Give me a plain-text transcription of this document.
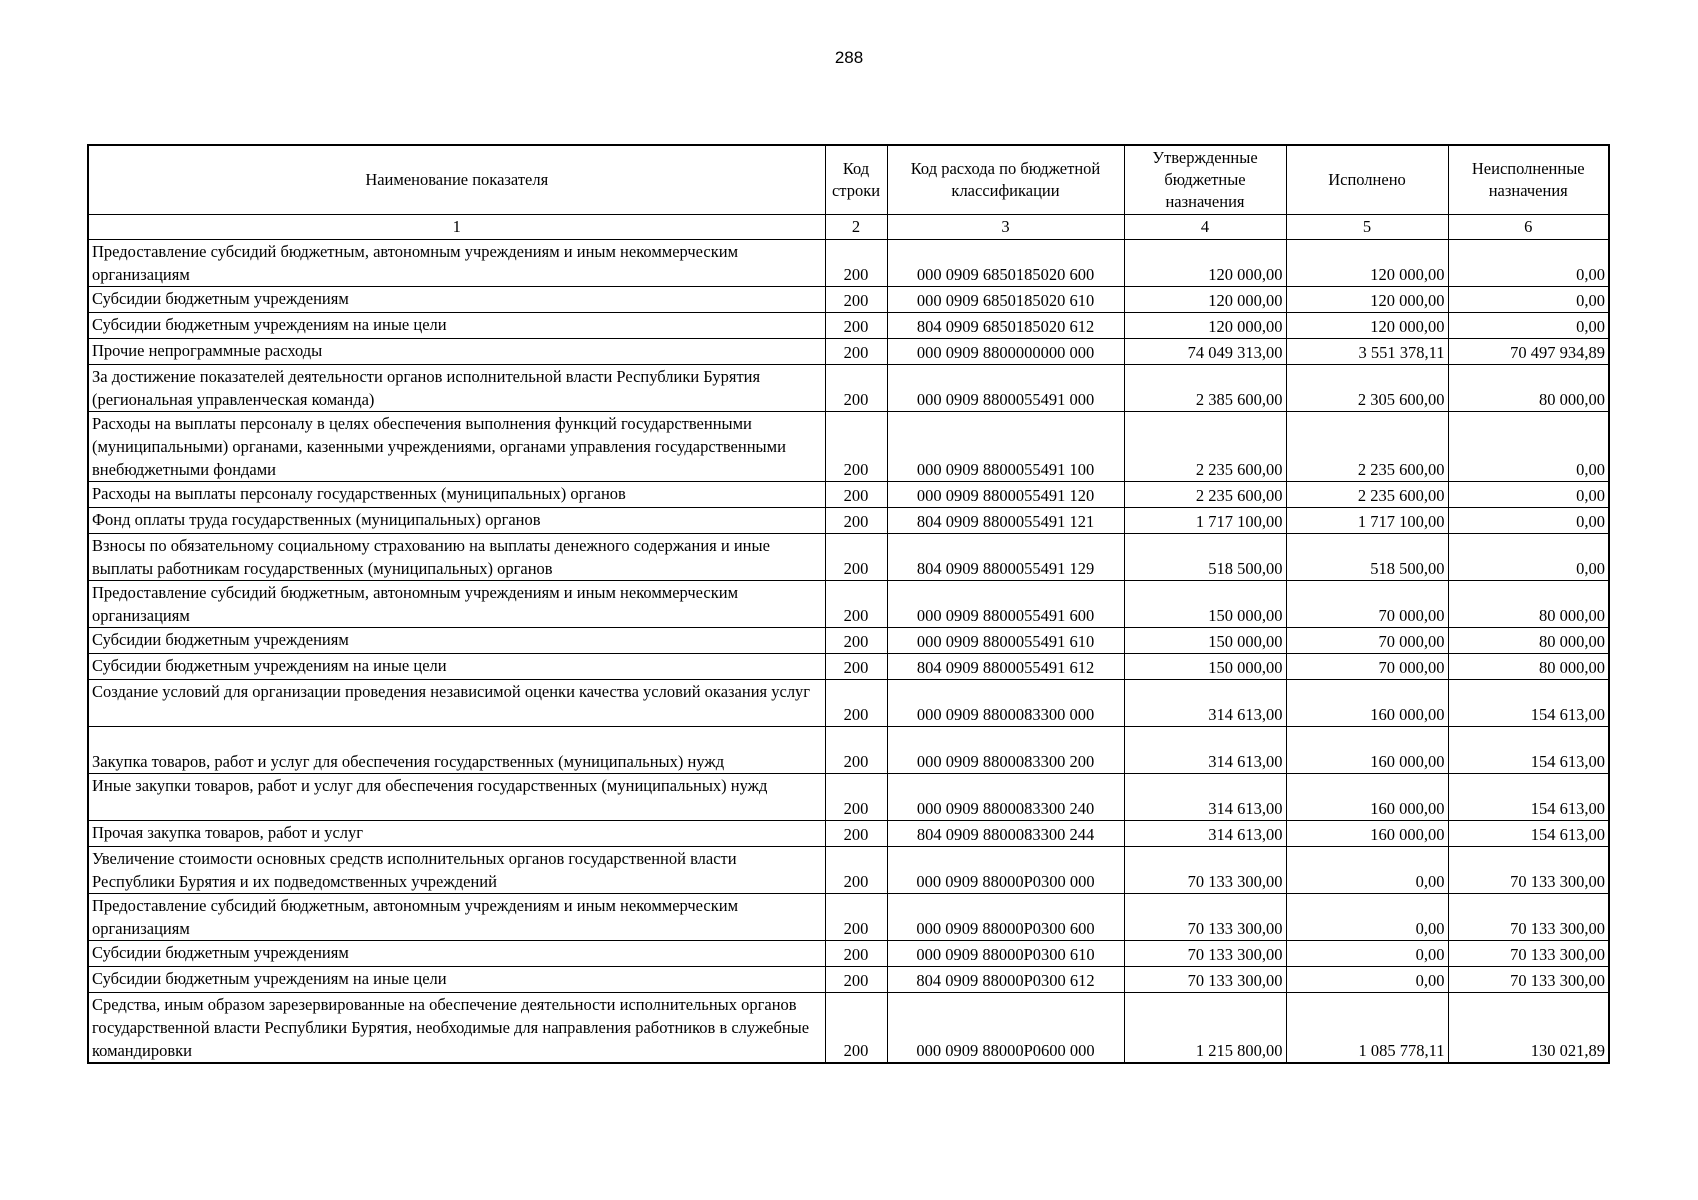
288
Наименование показателя	Код строки	Код расхода по бюджетной классификации	Утвержденные бюджетные назначения	Исполнено	Неисполненные назначения
1	2	3	4	5	6
Предоставление субсидий бюджетным, автономным учреждениям и иным некоммерческим организациям	200	000 0909 6850185020 600	120 000,00	120 000,00	0,00
Субсидии бюджетным учреждениям	200	000 0909 6850185020 610	120 000,00	120 000,00	0,00
Субсидии бюджетным учреждениям на иные цели	200	804 0909 6850185020 612	120 000,00	120 000,00	0,00
Прочие непрограммные расходы	200	000 0909 8800000000 000	74 049 313,00	3 551 378,11	70 497 934,89
За достижение показателей деятельности органов исполнительной власти Республики Бурятия (региональная управленческая команда)	200	000 0909 8800055491 000	2 385 600,00	2 305 600,00	80 000,00
Расходы на выплаты персоналу в целях обеспечения выполнения функций государственными (муниципальными) органами, казенными учреждениями, органами управления государственными внебюджетными фондами	200	000 0909 8800055491 100	2 235 600,00	2 235 600,00	0,00
Расходы на выплаты персоналу государственных (муниципальных) органов	200	000 0909 8800055491 120	2 235 600,00	2 235 600,00	0,00
Фонд оплаты труда государственных (муниципальных) органов	200	804 0909 8800055491 121	1 717 100,00	1 717 100,00	0,00
Взносы по обязательному социальному страхованию на выплаты денежного содержания и иные выплаты работникам государственных (муниципальных) органов	200	804 0909 8800055491 129	518 500,00	518 500,00	0,00
Предоставление субсидий бюджетным, автономным учреждениям и иным некоммерческим организациям	200	000 0909 8800055491 600	150 000,00	70 000,00	80 000,00
Субсидии бюджетным учреждениям	200	000 0909 8800055491 610	150 000,00	70 000,00	80 000,00
Субсидии бюджетным учреждениям на иные цели	200	804 0909 8800055491 612	150 000,00	70 000,00	80 000,00
Создание условий для организации проведения независимой оценки качества условий оказания услуг	200	000 0909 8800083300 000	314 613,00	160 000,00	154 613,00
Закупка товаров, работ и услуг для обеспечения государственных (муниципальных) нужд	200	000 0909 8800083300 200	314 613,00	160 000,00	154 613,00
Иные закупки товаров, работ и услуг для обеспечения государственных (муниципальных) нужд	200	000 0909 8800083300 240	314 613,00	160 000,00	154 613,00
Прочая закупка товаров, работ и услуг	200	804 0909 8800083300 244	314 613,00	160 000,00	154 613,00
Увеличение стоимости основных средств исполнительных органов государственной власти Республики Бурятия и их подведомственных учреждений	200	000 0909 88000P0300 000	70 133 300,00	0,00	70 133 300,00
Предоставление субсидий бюджетным, автономным учреждениям и иным некоммерческим организациям	200	000 0909 88000P0300 600	70 133 300,00	0,00	70 133 300,00
Субсидии бюджетным учреждениям	200	000 0909 88000P0300 610	70 133 300,00	0,00	70 133 300,00
Субсидии бюджетным учреждениям на иные цели	200	804 0909 88000P0300 612	70 133 300,00	0,00	70 133 300,00
Средства, иным образом зарезервированные на обеспечение деятельности исполнительных органов государственной власти Республики Бурятия, необходимые для направления работников в служебные командировки	200	000 0909 88000P0600 000	1 215 800,00	1 085 778,11	130 021,89
